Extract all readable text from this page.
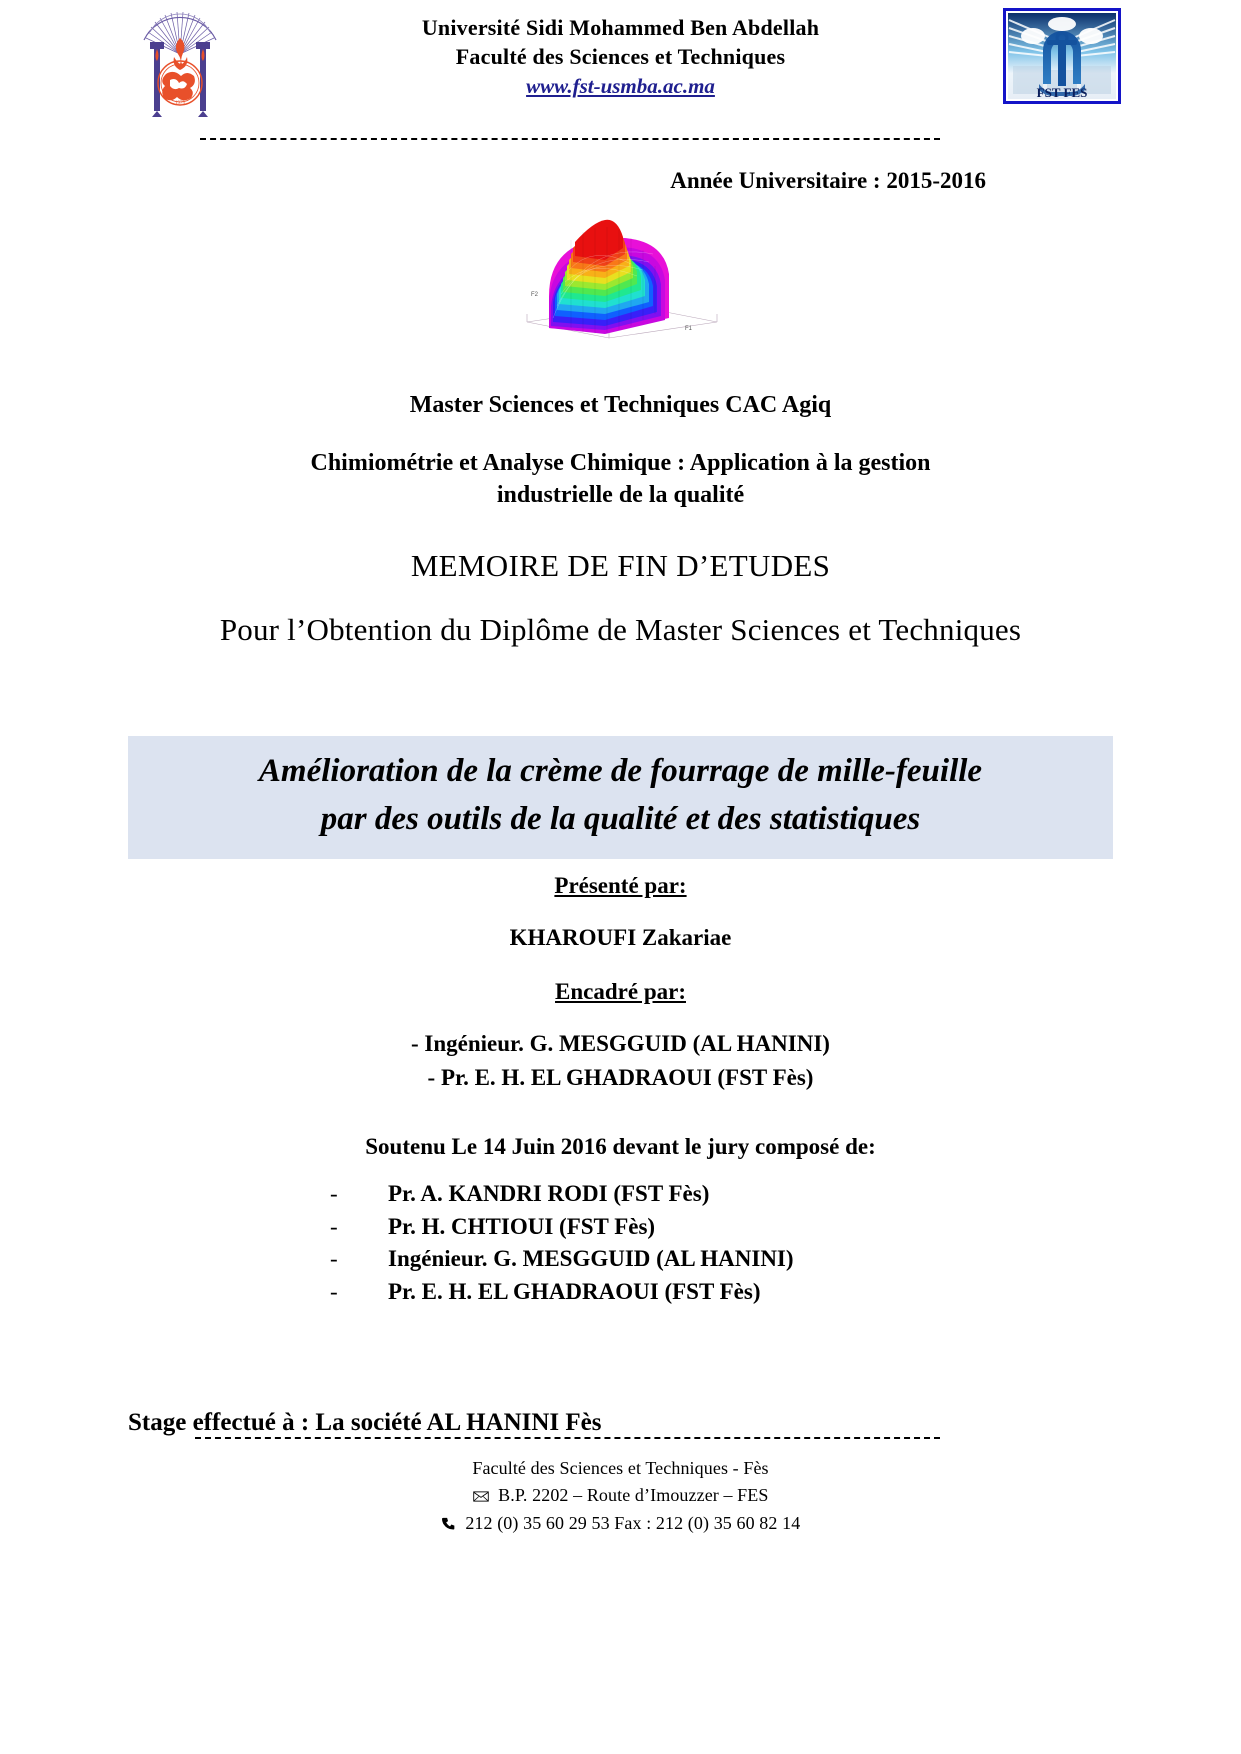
1975
Université Sidi Mohammed Ben Abdellah
Faculté des Sciences et Techniques
www.fst-usmba.ac.ma	FST FES
Année Universitaire : 2015-2016
F2
F1
Master Sciences et Techniques CAC Agiq
Chimiométrie et Analyse Chimique : Application à la gestion
industrielle de la qualité
MEMOIRE DE FIN D’ETUDES
Pour l’Obtention du Diplôme de Master Sciences et Techniques
Amélioration de la crème de fourrage de mille-feuille
par des outils de la qualité et des statistiques
Présenté par:
KHAROUFI Zakariae
Encadré par:
- Ingénieur. G. MESGGUID (AL HANINI)
- Pr. E. H. EL GHADRAOUI (FST Fès)
Soutenu Le 14 Juin 2016 devant le jury composé de:
-	Pr. A. KANDRI RODI (FST Fès)
-	Pr. H. CHTIOUI (FST Fès)
-	Ingénieur. G. MESGGUID (AL HANINI)
-	Pr. E. H. EL GHADRAOUI (FST Fès)
Stage effectué à : La société AL HANINI Fès
Faculté des Sciences et Techniques - Fès
B.P. 2202 – Route d’Imouzzer – FES
212 (0) 35 60 29 53 Fax : 212 (0) 35 60 82 14
